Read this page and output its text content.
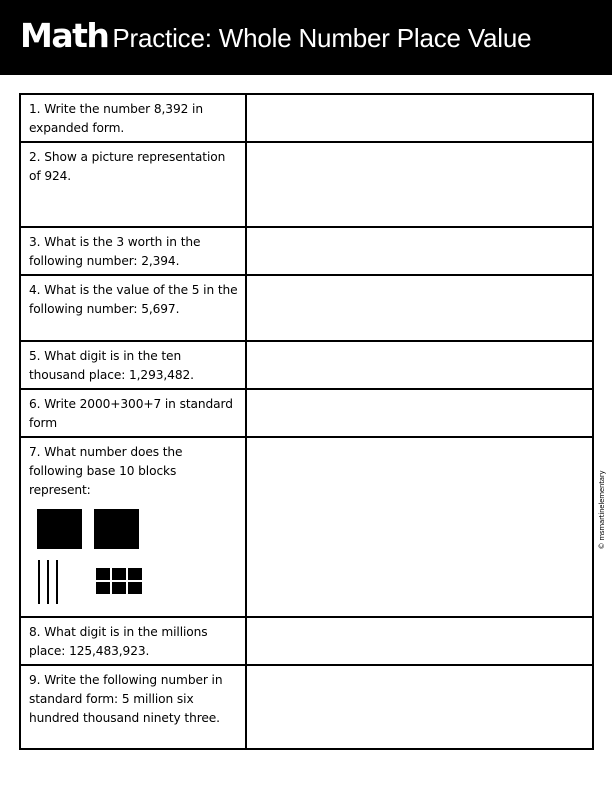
Math Practice: Whole Number Place Value
1. Write the number 8,392 in expanded form.	
2. Show a picture representation of 924.	
3. What is the 3 worth in the following number: 2,394.	
4. What is the value of the 5 in the following number: 5,697.	
5. What digit is in the ten thousand place: 1,293,482.	
6. Write 2000+300+7 in standard form	

7. What number does the following base 10 blocks represent:	

8. What digit is in the millions place: 125,483,923.	
9. Write the following number in standard form: 5 million six hundred thousand ninety three.	
© msmartinelementary
